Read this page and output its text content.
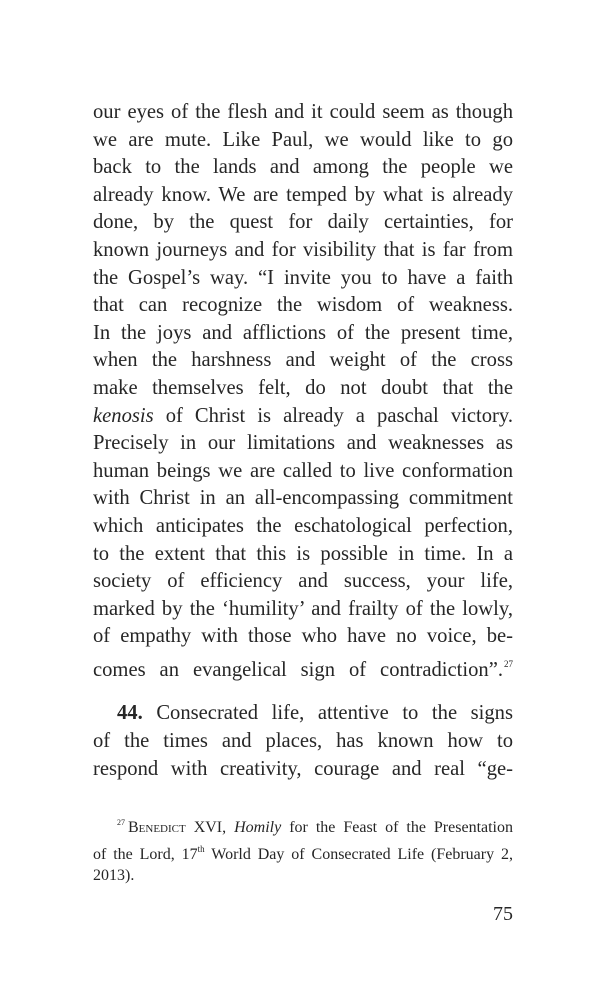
our eyes of the flesh and it could seem as though
we are mute. Like Paul, we would like to go
back to the lands and among the people we
already know. We are temped by what is already
done, by the quest for daily certainties, for
known journeys and for visibility that is far from
the Gospel’s way. “I invite you to have a faith
that can recognize the wisdom of weakness.
In the joys and afflictions of the present time,
when the harshness and weight of the cross
make themselves felt, do not doubt that the
kenosis of Christ is already a paschal victory.
Precisely in our limitations and weaknesses as
human beings we are called to live conformation
with Christ in an all-encompassing commitment
which anticipates the eschatological perfection,
to the extent that this is possible in time. In a
society of efficiency and success, your life,
marked by the ‘humility’ and frailty of the lowly,
of empathy with those who have no voice, be-
comes an evangelical sign of contradiction”.$^{27}$
44. Consecrated life, attentive to the signs
of the times and places, has known how to
respond with creativity, courage and real “ge-
$^{27}$ Benedict XVI, Homily for the Feast of the Presentation
of the Lord, 17th World Day of Consecrated Life (February 2,
2013).
75
